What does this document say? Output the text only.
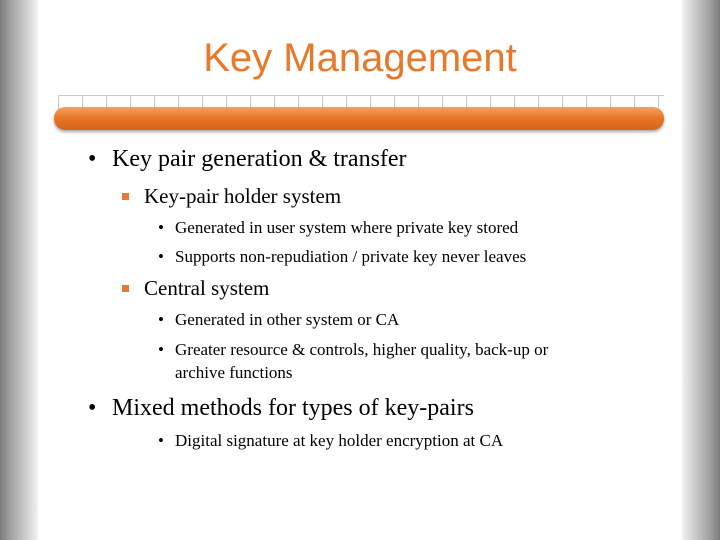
Key Management
• Key pair generation & transfer
Key-pair holder system
• Generated in user system where private key stored
• Supports non-repudiation / private key never leaves
Central system
• Generated in other system or CA
• Greater resource & controls, higher quality, back-up or
archive functions
• Mixed methods for types of key-pairs
• Digital signature at key holder encryption at CA
